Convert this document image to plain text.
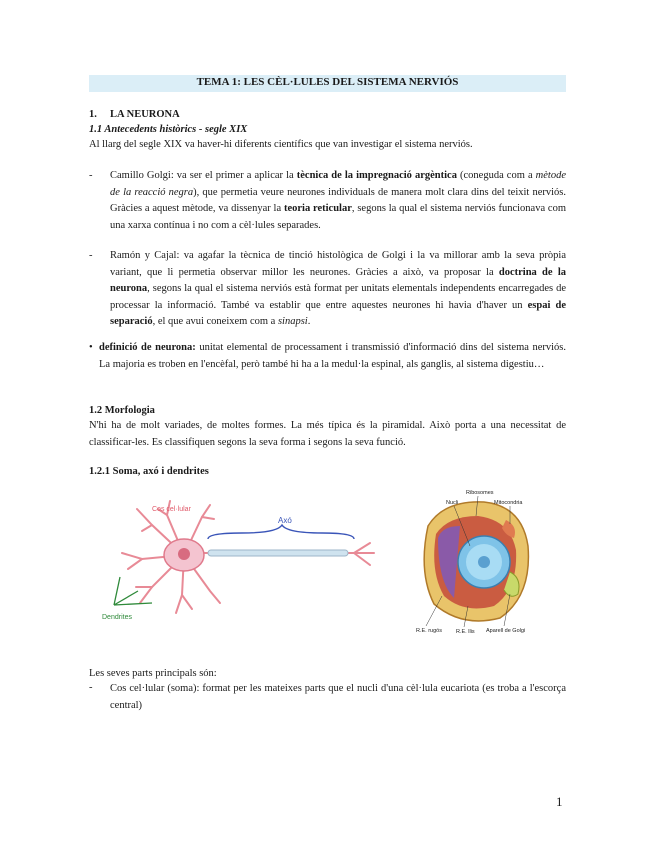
TEMA 1: LES CÈL·LULES DEL SISTEMA NERVIÓS
1. LA NEURONA
1.1 Antecedents històrics - segle XIX
Al llarg del segle XIX va haver-hi diferents científics que van investigar el sistema nerviós.
- Camillo Golgi: va ser el primer a aplicar la tècnica de la impregnació argèntica (coneguda com a mètode de la reacció negra), que permetia veure neurones individuals de manera molt clara dins del teixit nerviós. Gràcies a aquest mètode, va dissenyar la teoria reticular, segons la qual el sistema nerviós funcionava com una xarxa contínua i no com a cèl·lules separades.
- Ramón y Cajal: va agafar la tècnica de tinció histològica de Golgi i la va millorar amb la seva pròpia variant, que li permetia observar millor les neurones. Gràcies a això, va proposar la doctrina de la neurona, segons la qual el sistema nerviós està format per unitats elementals independents encarregades de processar la informació. També va establir que entre aquestes neurones hi havia d'haver un espai de separació, el que avui coneixem com a sinapsi.
• definició de neurona: unitat elemental de processament i transmissió d'informació dins del sistema nerviós. La majoria es troben en l'encèfal, però també hi ha a la medul·la espinal, als ganglis, al sistema digestiu…
1.2 Morfologia
N'hi ha de molt variades, de moltes formes. La més típica és la piramidal. Això porta a una necessitat de classificar-les. Es classifiquen segons la seva forma i segons la seva funció.
1.2.1 Soma, axó i dendrites
Cos cel·lular
Axó
Dendrites
Ribosomes
Nucli	Mitocondria
R.E. rugós	R.E. llis Aparell de Golgi
Les seves parts principals són:
- Cos cel·lular (soma): format per les mateixes parts que el nucli d'una cèl·lula eucariota (es troba a l'escorça central)
1
